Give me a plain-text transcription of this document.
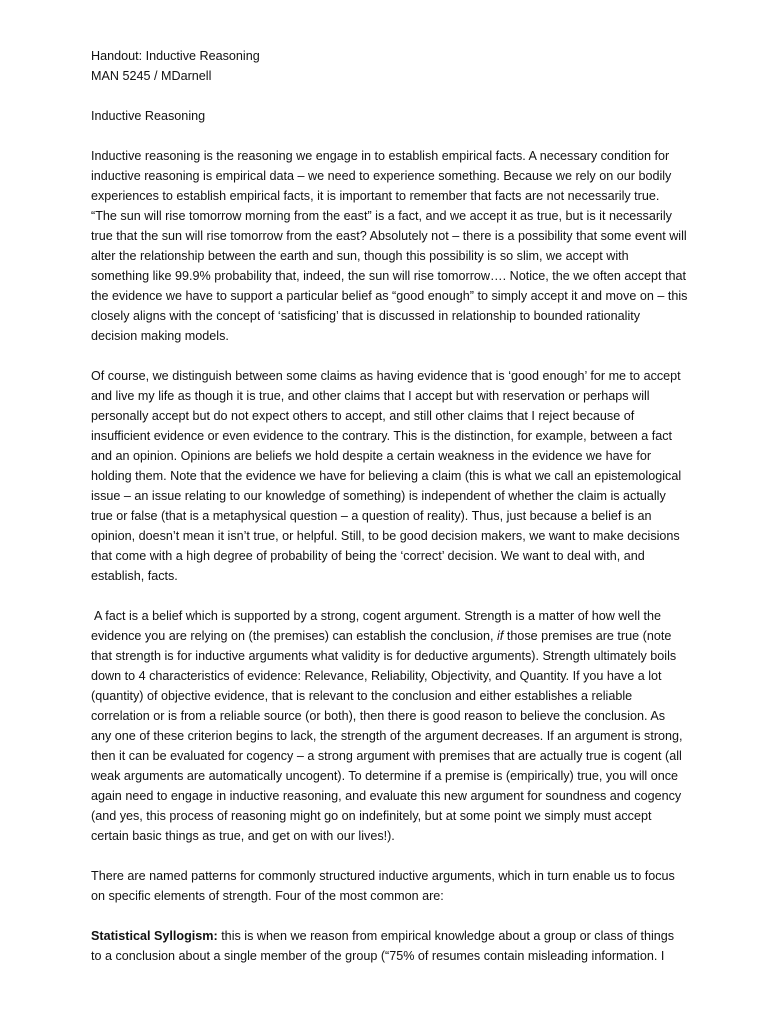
Handout: Inductive Reasoning

MAN 5245 / MDarnell

Inductive Reasoning

Inductive reasoning is the reasoning we engage in to establish empirical facts. A necessary condition for inductive reasoning is empirical data – we need to experience something. Because we rely on our bodily experiences to establish empirical facts, it is important to remember that facts are not necessarily true. “The sun will rise tomorrow morning from the east” is a fact, and we accept it as true, but is it necessarily true that the sun will rise tomorrow from the east? Absolutely not – there is a possibility that some event will alter the relationship between the earth and sun, though this possibility is so slim, we accept with something like 99.9% probability that, indeed, the sun will rise tomorrow…. Notice, the we often accept that the evidence we have to support a particular belief as “good enough” to simply accept it and move on – this closely aligns with the concept of ‘satisficing’ that is discussed in relationship to bounded rationality decision making models.

Of course, we distinguish between some claims as having evidence that is ‘good enough’ for me to accept and live my life as though it is true, and other claims that I accept but with reservation or perhaps will personally accept but do not expect others to accept, and still other claims that I reject because of insufficient evidence or even evidence to the contrary. This is the distinction, for example, between a fact and an opinion. Opinions are beliefs we hold despite a certain weakness in the evidence we have for holding them. Note that the evidence we have for believing a claim (this is what we call an epistemological issue – an issue relating to our knowledge of something) is independent of whether the claim is actually true or false (that is a metaphysical question – a question of reality). Thus, just because a belief is an opinion, doesn’t mean it isn’t true, or helpful. Still, to be good decision makers, we want to make decisions that come with a high degree of probability of being the ‘correct’ decision. We want to deal with, and establish, facts.

A fact is a belief which is supported by a strong, cogent argument. Strength is a matter of how well the evidence you are relying on (the premises) can establish the conclusion, if those premises are true (note that strength is for inductive arguments what validity is for deductive arguments). Strength ultimately boils down to 4 characteristics of evidence: Relevance, Reliability, Objectivity, and Quantity. If you have a lot (quantity) of objective evidence, that is relevant to the conclusion and either establishes a reliable correlation or is from a reliable source (or both), then there is good reason to believe the conclusion. As any one of these criterion begins to lack, the strength of the argument decreases. If an argument is strong, then it can be evaluated for cogency – a strong argument with premises that are actually true is cogent (all weak arguments are automatically uncogent). To determine if a premise is (empirically) true, you will once again need to engage in inductive reasoning, and evaluate this new argument for soundness and cogency (and yes, this process of reasoning might go on indefinitely, but at some point we simply must accept certain basic things as true, and get on with our lives!).

There are named patterns for commonly structured inductive arguments, which in turn enable us to focus on specific elements of strength. Four of the most common are:

Statistical Syllogism: this is when we reason from empirical knowledge about a group or class of things to a conclusion about a single member of the group (“75% of resumes contain misleading information. I
